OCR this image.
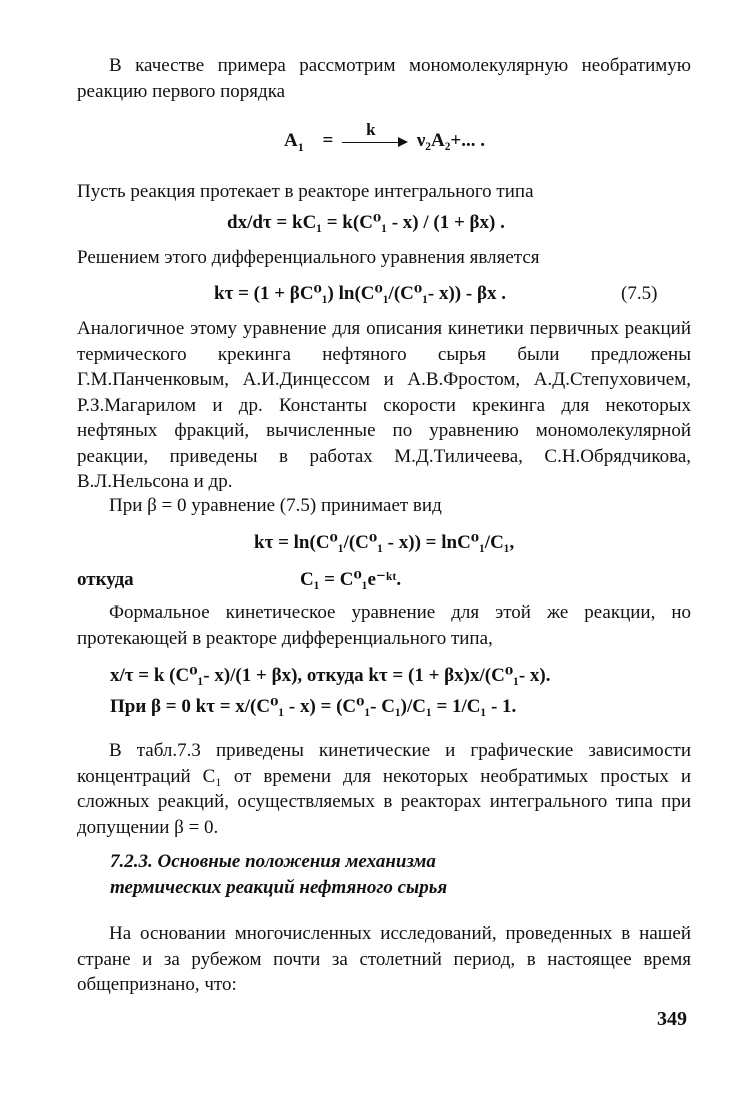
В качестве примера рассмотрим мономолекулярную необратимую реакцию первого порядка
$A_1$ =
k
ν₂A₂+... .
Пусть реакция протекает в реакторе интегрального типа
dx/dτ = kC₁ = k(C⁰₁ - x) / (1 + βx) .
Решением этого дифференциального уравнения является
kτ = (1 + βC⁰₁) ln(C⁰₁/(C⁰₁- x)) - βx .	(7.5)
Аналогичное этому уравнение для описания кинетики первичных реакций термического крекинга нефтяного сырья были предложены Г.М.Панченковым, А.И.Динцессом и А.В.Фростом, А.Д.Степуховичем, Р.З.Магарилом и др. Константы скорости крекинга для некоторых нефтяных фракций, вычисленные по уравнению мономолекулярной реакции, приведены в работах М.Д.Тиличеева, С.Н.Обрядчикова, В.Л.Нельсона и др.
При β = 0 уравнение (7.5) принимает вид
kτ = ln(C⁰₁/(C⁰₁ - x)) = lnC⁰₁/C₁,
откуда	C₁ = C⁰₁e⁻ᵏᵗ.
Формальное кинетическое уравнение для этой же реакции, но протекающей в реакторе дифференциального типа,
x/τ = k (C⁰₁- x)/(1 + βx), откуда kτ = (1 + βx)x/(C⁰₁- x).
При β = 0 kτ = x/(C⁰₁ - x) = (C⁰₁- C₁)/C₁ = 1/C₁ - 1.
В табл.7.3 приведены кинетические и графические зависимости концентраций C₁ от времени для некоторых необратимых простых и сложных реакций, осуществляемых в реакторах интегрального типа при допущении β = 0.
7.2.3. Основные положения механизма
термических реакций нефтяного сырья
На основании многочисленных исследований, проведенных в нашей стране и за рубежом почти за столетний период, в настоящее время общепризнано, что:
349
